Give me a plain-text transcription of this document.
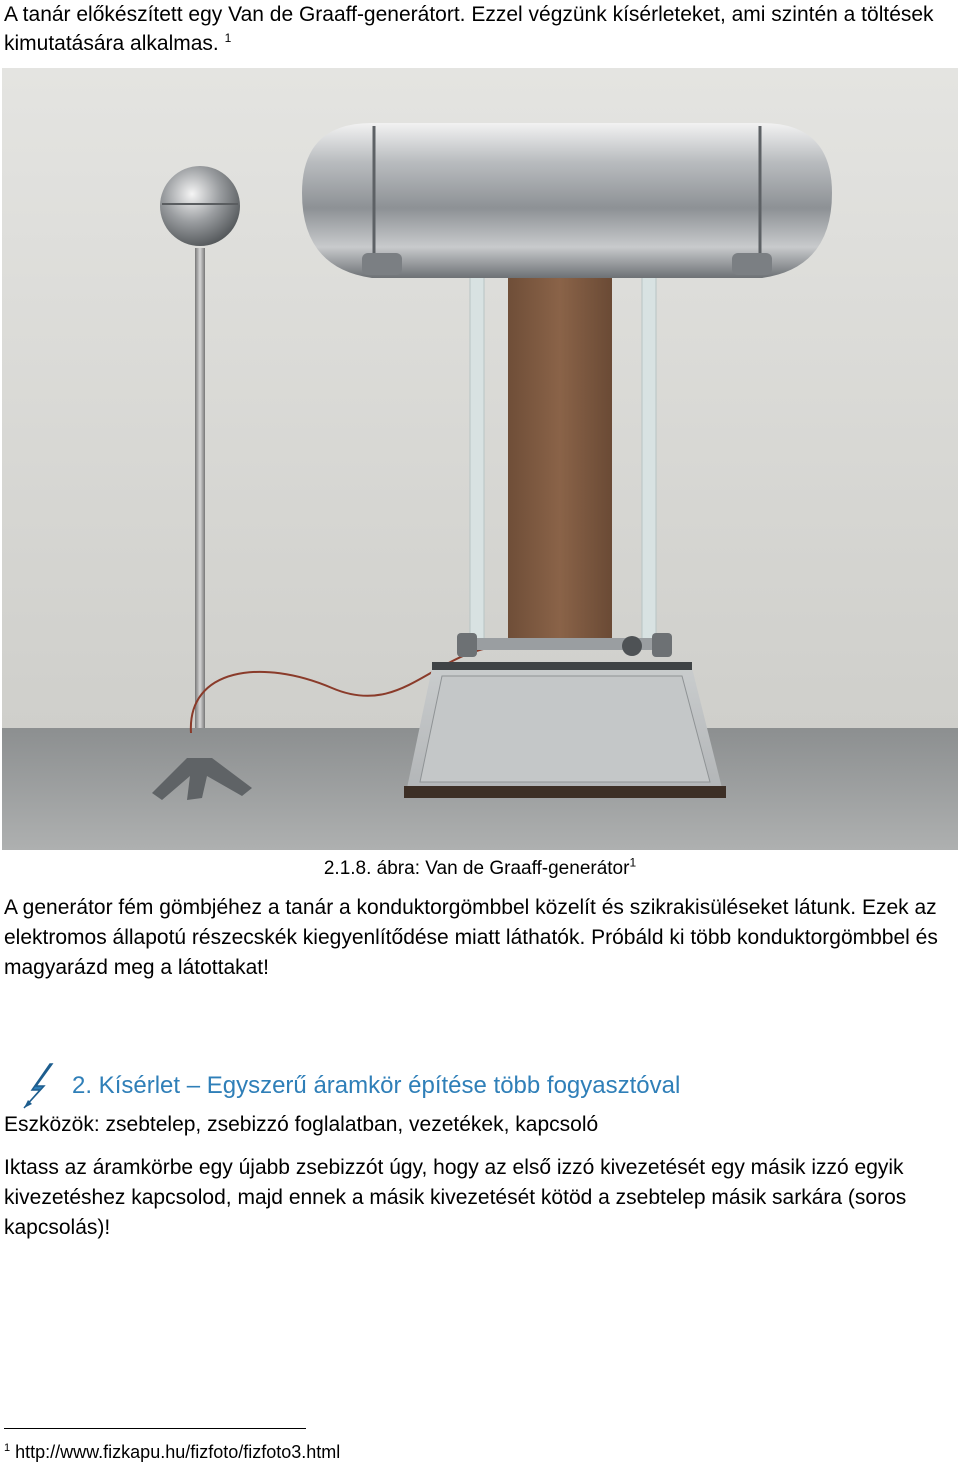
A tanár előkészített egy Van de Graaff-generátort. Ezzel végzünk kísérleteket, ami szintén a töltések kimutatására alkalmas. $^1$

2.1.8. ábra: Van de Graaff-generátor$^1$

A generátor fém gömbjéhez a tanár a konduktorgömbbel közelít és szikrakisüléseket látunk. Ezek az elektromos állapotú részecskék kiegyenlítődése miatt láthatók. Próbáld ki több konduktorgömbbel és magyarázd meg a látottakat!

2. Kísérlet – Egyszerű áramkör építése több fogyasztóval

Eszközök: zsebtelep, zsebizzó foglalatban, vezetékek, kapcsoló

Iktass az áramkörbe egy újabb zsebizzót úgy, hogy az első izzó kivezetését egy másik izzó egyik kivezetéshez kapcsolod, majd ennek a másik kivezetését kötöd a zsebtelep másik sarkára (soros kapcsolás)!

$^1$ http://www.fizkapu.hu/fizfoto/fizfoto3.html
